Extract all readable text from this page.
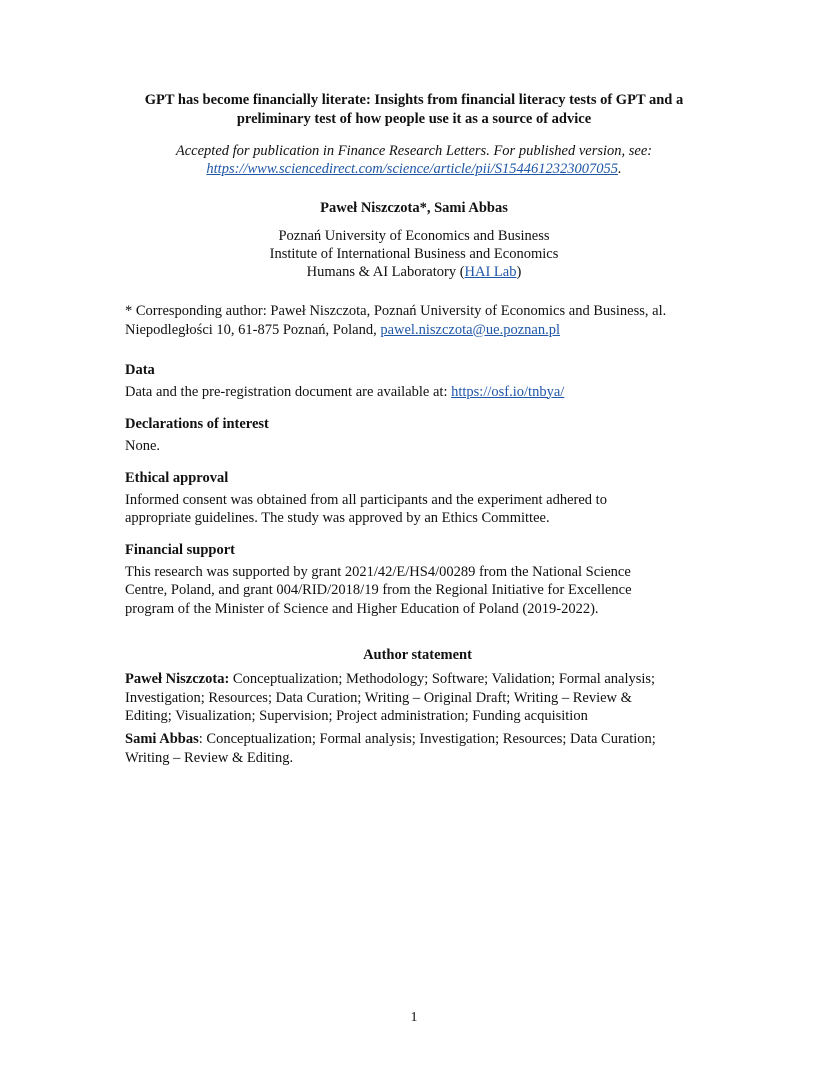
GPT has become financially literate: Insights from financial literacy tests of GPT and a
preliminary test of how people use it as a source of advice
Accepted for publication in Finance Research Letters. For published version, see:
https://www.sciencedirect.com/science/article/pii/S1544612323007055.
Paweł Niszczota*, Sami Abbas
Poznań University of Economics and Business
Institute of International Business and Economics
Humans & AI Laboratory (HAI Lab)
* Corresponding author: Paweł Niszczota, Poznań University of Economics and Business, al.
Niepodległości 10, 61-875 Poznań, Poland, pawel.niszczota@ue.poznan.pl
Data
Data and the pre-registration document are available at: https://osf.io/tnbya/
Declarations of interest
None.
Ethical approval
Informed consent was obtained from all participants and the experiment adhered to
appropriate guidelines. The study was approved by an Ethics Committee.
Financial support
This research was supported by grant 2021/42/E/HS4/00289 from the National Science
Centre, Poland, and grant 004/RID/2018/19 from the Regional Initiative for Excellence
program of the Minister of Science and Higher Education of Poland (2019-2022).
Author statement
Paweł Niszczota: Conceptualization; Methodology; Software; Validation; Formal analysis;
Investigation; Resources; Data Curation; Writing – Original Draft; Writing – Review &
Editing; Visualization; Supervision; Project administration; Funding acquisition
Sami Abbas: Conceptualization; Formal analysis; Investigation; Resources; Data Curation;
Writing – Review & Editing.
1
